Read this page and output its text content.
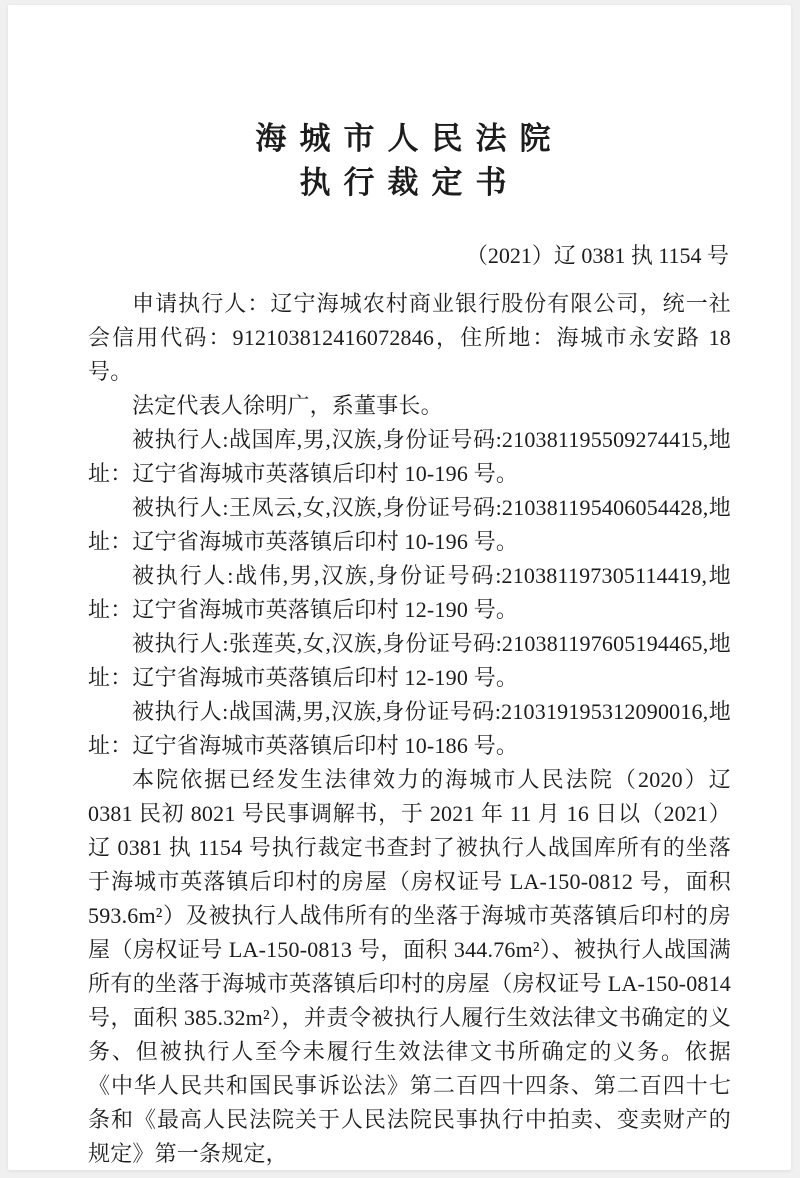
海城市人民法院
执行裁定书
（2021）辽 0381 执 1154 号

申请执行人：辽宁海城农村商业银行股份有限公司，统一社会信用代码：912103812416072846，住所地：海城市永安路 18 号。

法定代表人徐明广，系董事长。

被执行人:战国库,男,汉族,身份证号码:210381195509274415,地址：辽宁省海城市英落镇后印村 10-196 号。

被执行人:王凤云,女,汉族,身份证号码:210381195406054428,地址：辽宁省海城市英落镇后印村 10-196 号。

被执行人:战伟,男,汉族,身份证号码:210381197305114419,地址：辽宁省海城市英落镇后印村 12-190 号。

被执行人:张莲英,女,汉族,身份证号码:210381197605194465,地址：辽宁省海城市英落镇后印村 12-190 号。

被执行人:战国满,男,汉族,身份证号码:210319195312090016,地址：辽宁省海城市英落镇后印村 10-186 号。

本院依据已经发生法律效力的海城市人民法院（2020）辽 0381 民初 8021 号民事调解书，于 2021 年 11 月 16 日以（2021）辽 0381 执 1154 号执行裁定书查封了被执行人战国库所有的坐落于海城市英落镇后印村的房屋（房权证号 LA-150-0812 号，面积 593.6m²）及被执行人战伟所有的坐落于海城市英落镇后印村的房屋（房权证号 LA-150-0813 号，面积 344.76m²）、被执行人战国满所有的坐落于海城市英落镇后印村的房屋（房权证号 LA-150-0814 号，面积 385.32m²），并责令被执行人履行生效法律文书确定的义务、但被执行人至今未履行生效法律文书所确定的义务。依据《中华人民共和国民事诉讼法》第二百四十四条、第二百四十七条和《最高人民法院关于人民法院民事执行中拍卖、变卖财产的规定》第一条规定，
